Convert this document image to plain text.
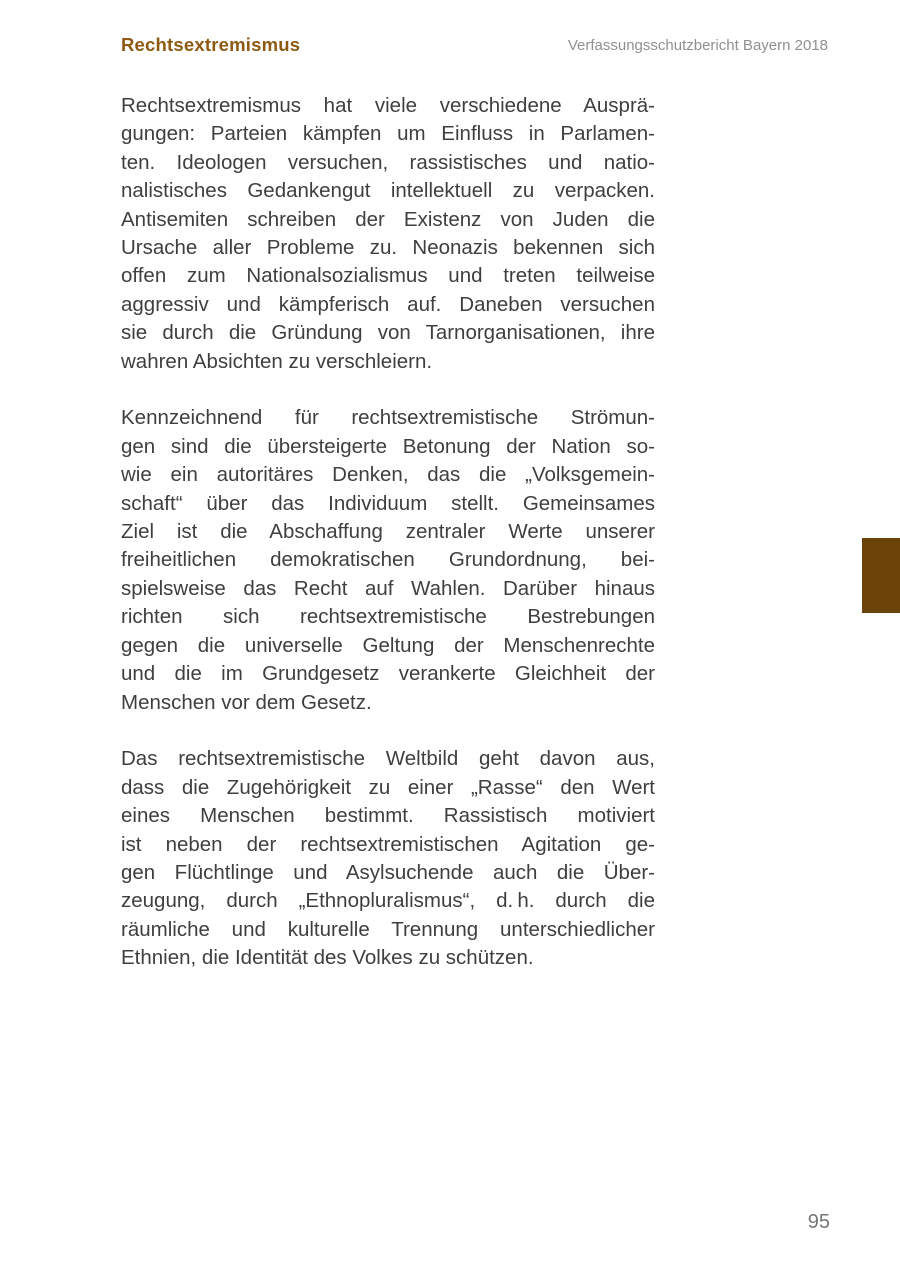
Rechtsextremismus	Verfassungsschutzbericht Bayern 2018
Rechtsextremismus hat viele verschiedene Ausprä-
gungen: Parteien kämpfen um Einfluss in Parlamen-
ten. Ideologen versuchen, rassistisches und natio-
nalistisches Gedankengut intellektuell zu verpacken.
Antisemiten schreiben der Existenz von Juden die
Ursache aller Probleme zu. Neonazis bekennen sich
offen zum Nationalsozialismus und treten teilweise
aggressiv und kämpferisch auf. Daneben versuchen
sie durch die Gründung von Tarnorganisationen, ihre
wahren Absichten zu verschleiern.
Kennzeichnend für rechtsextremistische Strömun-
gen sind die übersteigerte Betonung der Nation so-
wie ein autoritäres Denken, das die „Volksgemein-
schaft“ über das Individuum stellt. Gemeinsames
Ziel ist die Abschaffung zentraler Werte unserer
freiheitlichen demokratischen Grundordnung, bei-
spielsweise das Recht auf Wahlen. Darüber hinaus
richten sich rechtsextremistische Bestrebungen
gegen die universelle Geltung der Menschenrechte
und die im Grundgesetz verankerte Gleichheit der
Menschen vor dem Gesetz.
Das rechtsextremistische Weltbild geht davon aus,
dass die Zugehörigkeit zu einer „Rasse“ den Wert
eines Menschen bestimmt. Rassistisch motiviert
ist neben der rechtsextremistischen Agitation ge-
gen Flüchtlinge und Asylsuchende auch die Über-
zeugung, durch „Ethnopluralismus“, d. h. durch die
räumliche und kulturelle Trennung unterschiedlicher
Ethnien, die Identität des Volkes zu schützen.
95
